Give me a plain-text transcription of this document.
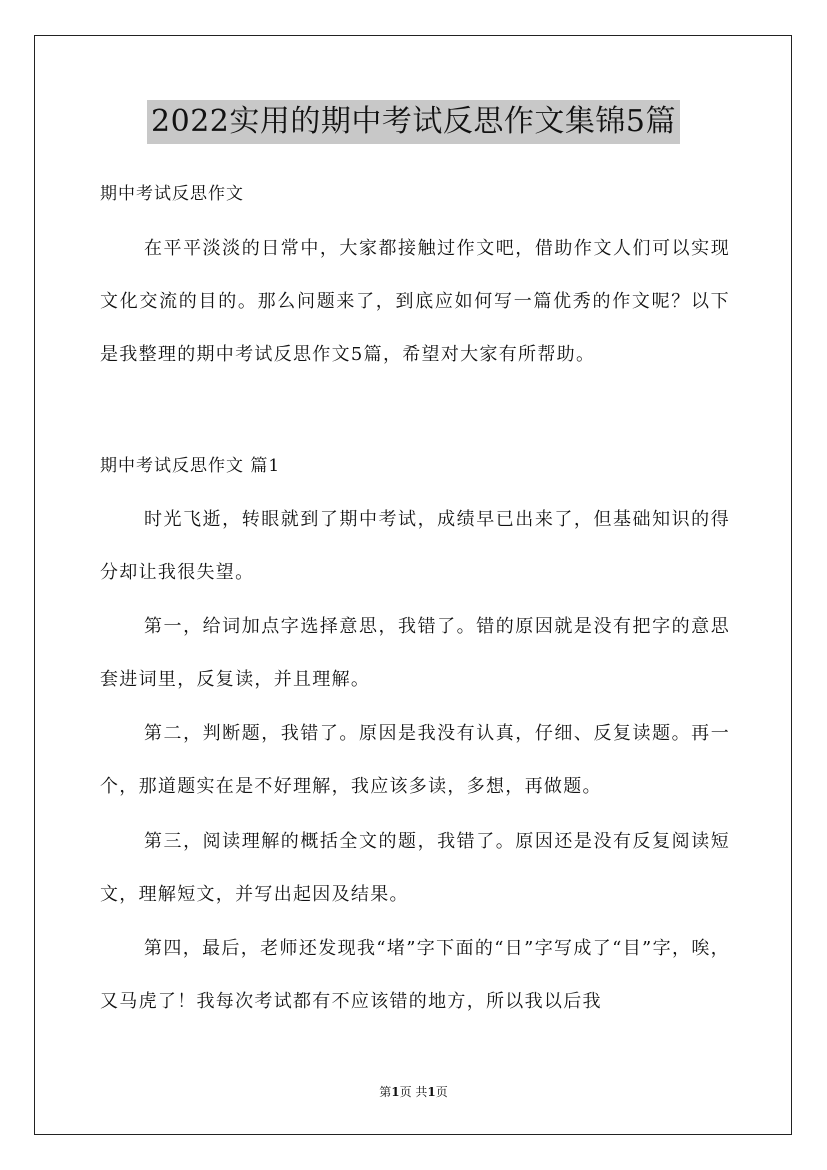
2022实用的期中考试反思作文集锦5篇

期中考试反思作文

在平平淡淡的日常中，大家都接触过作文吧，借助作文人们可以实现文化交流的目的。那么问题来了，到底应如何写一篇优秀的作文呢？以下是我整理的期中考试反思作文5篇，希望对大家有所帮助。

期中考试反思作文 篇1

时光飞逝，转眼就到了期中考试，成绩早已出来了，但基础知识的得分却让我很失望。

第一，给词加点字选择意思，我错了。错的原因就是没有把字的意思套进词里，反复读，并且理解。

第二，判断题，我错了。原因是我没有认真，仔细、反复读题。再一个，那道题实在是不好理解，我应该多读，多想，再做题。

第三，阅读理解的概括全文的题，我错了。原因还是没有反复阅读短文，理解短文，并写出起因及结果。

第四，最后，老师还发现我“堵”字下面的“日”字写成了“目”字，唉，又马虎了！我每次考试都有不应该错的地方，所以我以后我

第1页 共1页
